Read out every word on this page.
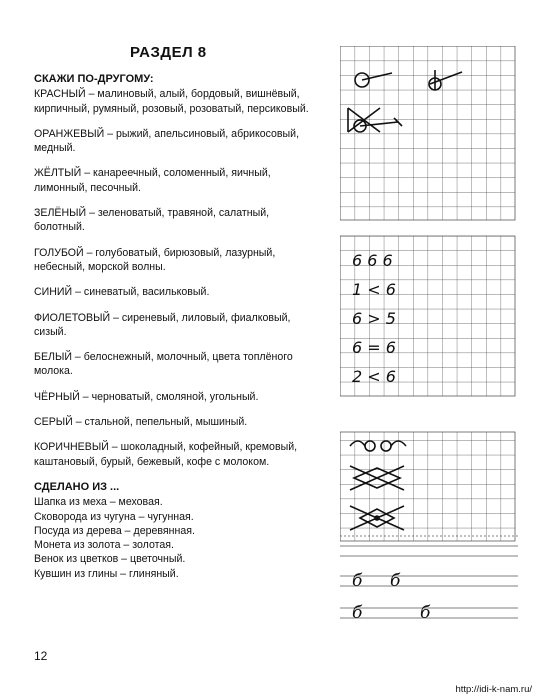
РАЗДЕЛ 8
СКАЖИ ПО-ДРУГОМУ:
КРАСНЫЙ – малиновый, алый, бордовый, вишнёвый, кирпичный, румяный, розовый, розоватый, персиковый.
ОРАНЖЕВЫЙ – рыжий, апельсиновый, абрикосовый, медный.
ЖЁЛТЫЙ – канареечный, соломенный, яичный, лимонный, песочный.
ЗЕЛЁНЫЙ – зеленоватый, травяной, салатный, болотный.
ГОЛУБОЙ – голубоватый, бирюзовый, лазурный, небесный, морской волны.
СИНИЙ – синеватый, васильковый.
ФИОЛЕТОВЫЙ – сиреневый, лиловый, фиалковый, сизый.
БЕЛЫЙ – белоснежный, молочный, цвета топлёного молока.
ЧЁРНЫЙ – черноватый, смоляной, угольный.
СЕРЫЙ – стальной, пепельный, мышиный.
КОРИЧНЕВЫЙ – шоколадный, кофейный, кремовый, каштановый, бурый, бежевый, кофе с молоком.
СДЕЛАНО ИЗ ...
Шапка из меха – меховая.
Сковорода из чугуна – чугунная.
Посуда из дерева – деревянная.
Монета из золота – золотая.
Венок из цветков – цветочный.
Кувшин из глины – глиняный.
6 6 6
1 < 6
6 > 5
6 = 6
2 < 6
б б
б	б
12
http://idi-k-nam.ru/
